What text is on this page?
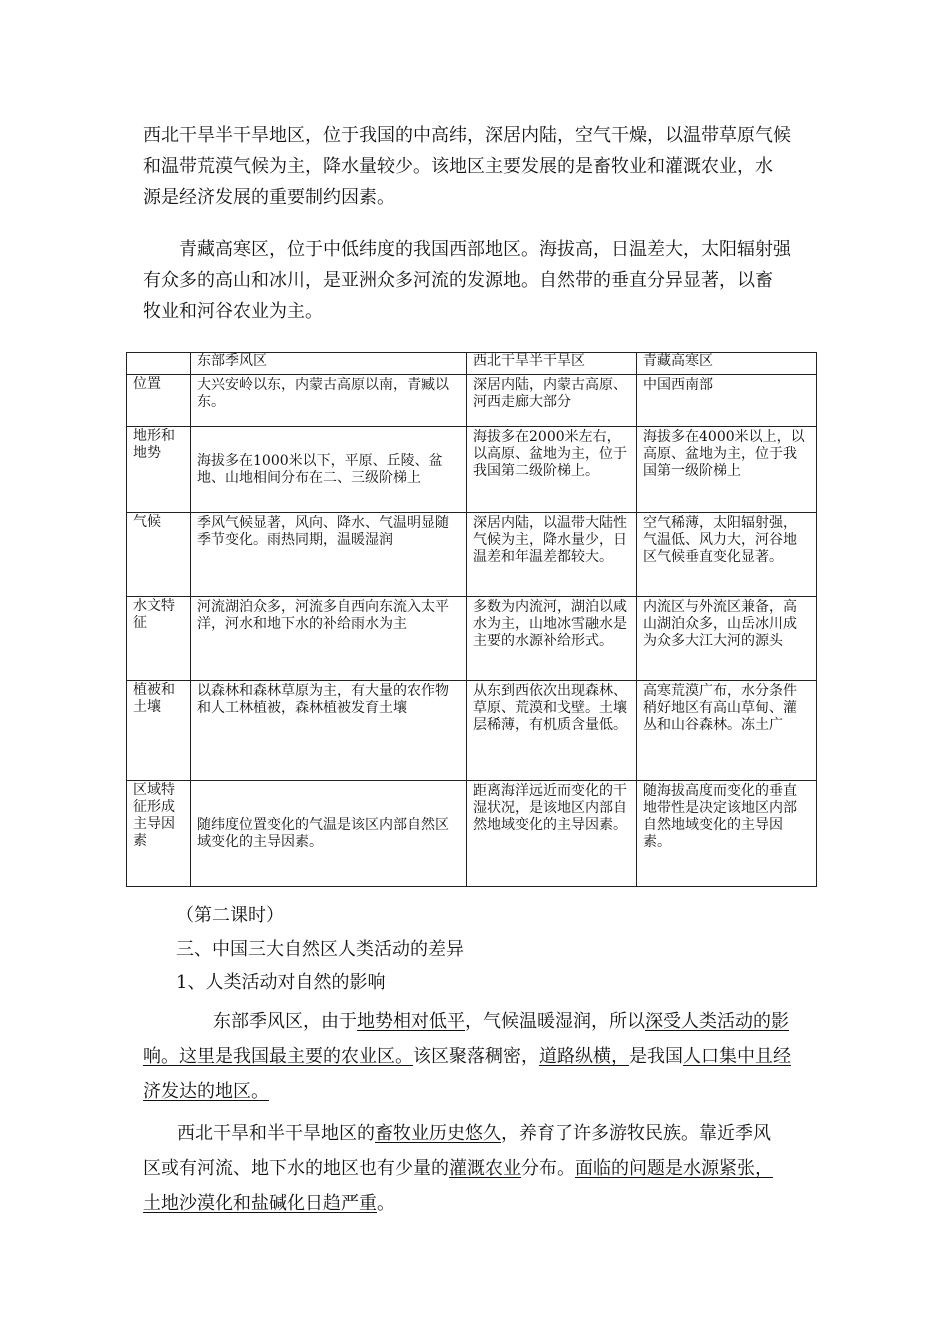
西北干旱半干旱地区，位于我国的中高纬，深居内陆，空气干燥，以温带草原气候
和温带荒漠气候为主，降水量较少。该地区主要发展的是畜牧业和灌溉农业，水
源是经济发展的重要制约因素。

青藏高寒区，位于中低纬度的我国西部地区。海拔高，日温差大，太阳辐射强
有众多的高山和冰川，是亚洲众多河流的发源地。自然带的垂直分异显著，以畜
牧业和河谷农业为主。

	东部季风区	西北干旱半干旱区	青藏高寒区
位置	大兴安岭以东，内蒙古高原以南，青臧以东。	深居内陆，内蒙古高原、河西走廊大部分	中国西南部
地形和地势	海拔多在1000米以下，平原、丘陵、盆地、山地相间分布在二、三级阶梯上	海拔多在2000米左右，以高原、盆地为主，位于我国第二级阶梯上。	海拔多在4000米以上，以高原、盆地为主，位于我国第一级阶梯上
气候	季风气候显著，风向、降水、气温明显随季节变化。雨热同期，温暖湿润	深居内陆，以温带大陆性气候为主，降水量少，日温差和年温差都较大。	空气稀薄，太阳辐射强，气温低、风力大，河谷地区气候垂直变化显著。
水文特征	河流湖泊众多，河流多自西向东流入太平洋，河水和地下水的补给雨水为主	多数为内流河，湖泊以咸水为主，山地冰雪融水是主要的水源补给形式。	内流区与外流区兼备，高山湖泊众多，山岳冰川成为众多大江大河的源头
植被和土壤	以森林和森林草原为主，有大量的农作物和人工林植被，森林植被发育土壤	从东到西依次出现森林、草原、荒漠和戈壁。土壤层稀薄，有机质含量低。	高寒荒漠广布，水分条件稍好地区有高山草甸、灌丛和山谷森林。冻土广
区域特征形成主导因素	随纬度位置变化的气温是该区内部自然区域变化的主导因素。	距离海洋远近而变化的干湿状况，是该地区内部自然地域变化的主导因素。	随海拔高度而变化的垂直地带性是决定该地区内部自然地域变化的主导因素。
（第二课时）
三、中国三大自然区人类活动的差异
1、人类活动对自然的影响

东部季风区，由于地势相对低平，气候温暖湿润，所以深受人类活动的影
响。这里是我国最主要的农业区。该区聚落稠密，道路纵横，是我国人口集中且经
济发达的地区。

西北干旱和半干旱地区的畜牧业历史悠久，养育了许多游牧民族。靠近季风
区或有河流、地下水的地区也有少量的灌溉农业分布。面临的问题是水源紧张，
土地沙漠化和盐碱化日趋严重。
